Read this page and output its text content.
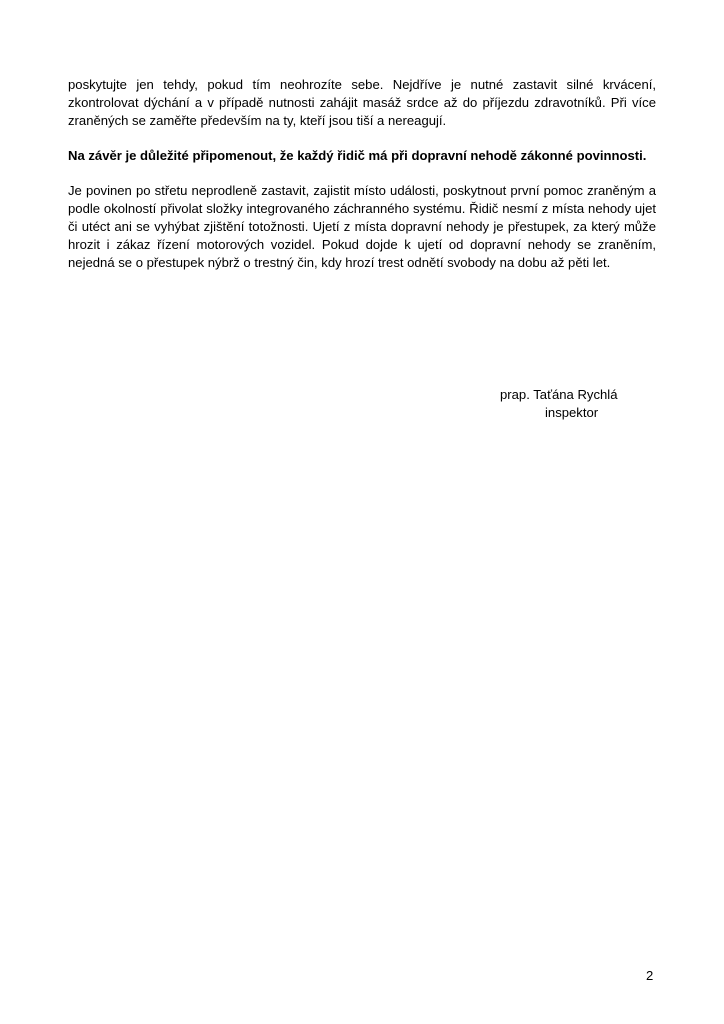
poskytujte jen tehdy, pokud tím neohrozíte sebe. Nejdříve je nutné zastavit silné krvácení, zkontrolovat dýchání a v případě nutnosti zahájit masáž srdce až do příjezdu zdravotníků. Při více zraněných se zaměřte především na ty, kteří jsou tiší a nereagují.

Na závěr je důležité připomenout, že každý řidič má při dopravní nehodě zákonné povinnosti.

Je povinen po střetu neprodleně zastavit, zajistit místo události, poskytnout první pomoc zraněným a podle okolností přivolat složky integrovaného záchranného systému. Řidič nesmí z místa nehody ujet či utéct ani se vyhýbat zjištění totožnosti. Ujetí z místa dopravní nehody je přestupek, za který může hrozit i zákaz řízení motorových vozidel. Pokud dojde k ujetí od dopravní nehody se zraněním, nejedná se o přestupek nýbrž o trestný čin, kdy hrozí trest odnětí svobody na dobu až pěti let.

prap. Taťána Rychlá
inspektor
2
